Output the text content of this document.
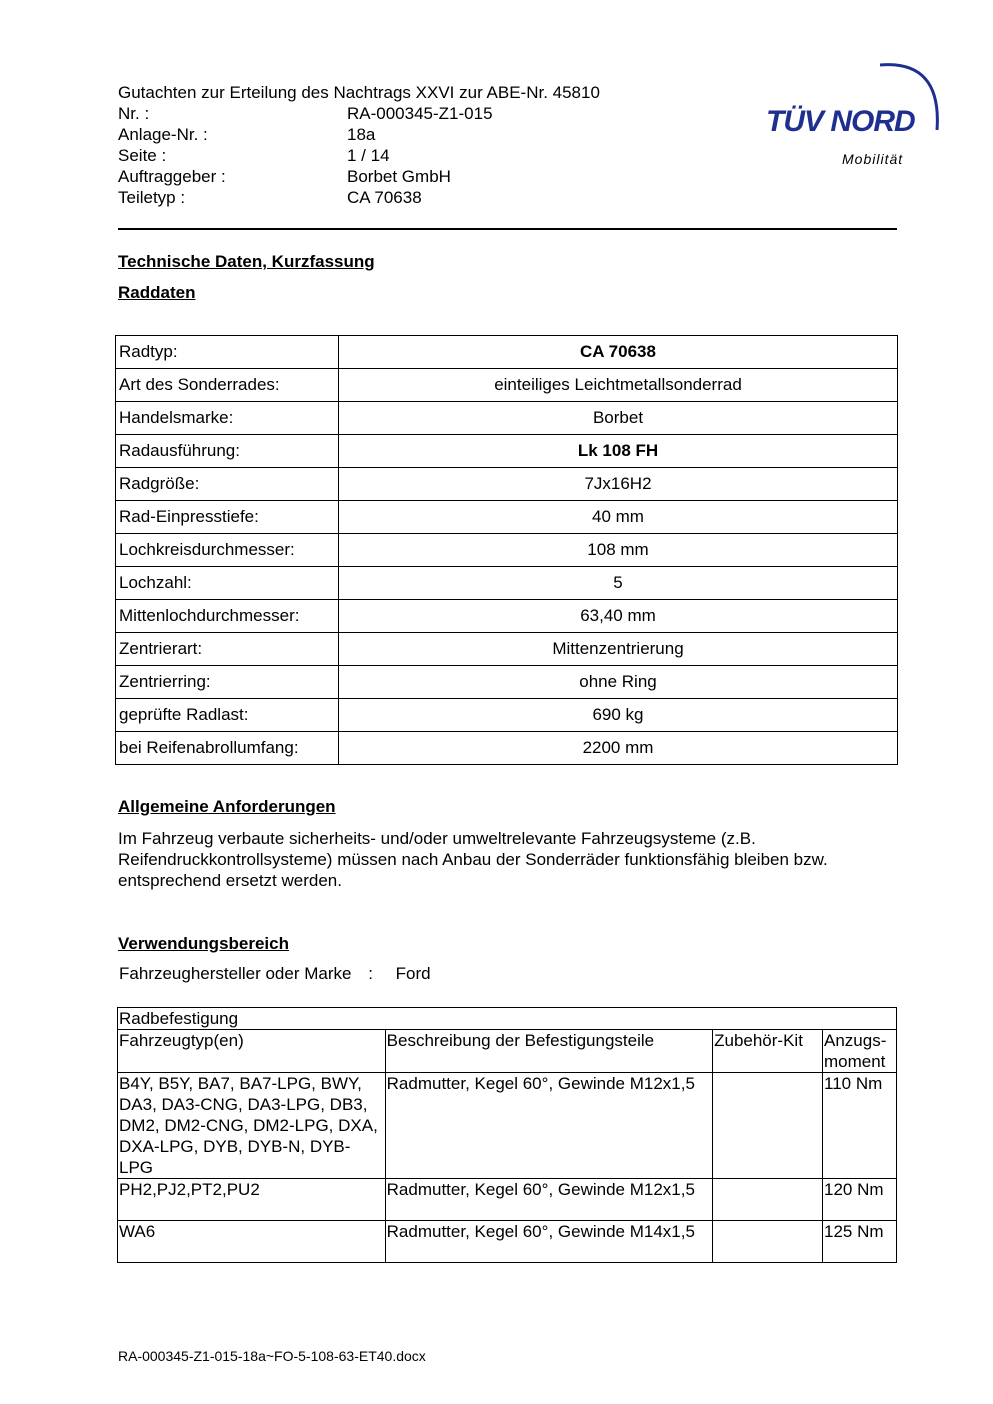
Gutachten zur Erteilung des Nachtrags XXVI zur ABE-Nr. 45810
Nr. :	RA-000345-Z1-015
Anlage-Nr. :	18a
Seite :	1 / 14
Auftraggeber :	Borbet GmbH
Teiletyp :	CA 70638
TÜV NORD
Mobilität
Technische Daten, Kurzfassung
Raddaten
Radtyp:	CA 70638
Art des Sonderrades:	einteiliges Leichtmetallsonderrad
Handelsmarke:	Borbet
Radausführung:	Lk 108 FH
Radgröße:	7Jx16H2
Rad-Einpresstiefe:	40 mm
Lochkreisdurchmesser:	108 mm
Lochzahl:	5
Mittenlochdurchmesser:	63,40 mm
Zentrierart:	Mittenzentrierung
Zentrierring:	ohne Ring
geprüfte Radlast:	690 kg
bei Reifenabrollumfang:	2200 mm
Allgemeine Anforderungen
Im Fahrzeug verbaute sicherheits- und/oder umweltrelevante Fahrzeugsysteme (z.B. Reifendruckkontrollsysteme) müssen nach Anbau der Sonderräder funktionsfähig bleiben bzw. entsprechend ersetzt werden.
Verwendungsbereich
Fahrzeughersteller oder Marke : Ford
Radbefestigung			
Fahrzeugtyp(en)	Beschreibung der Befestigungsteile	Zubehör-Kit	Anzugs-moment
B4Y, B5Y, BA7, BA7-LPG, BWY, DA3, DA3-CNG, DA3-LPG, DB3, DM2, DM2-CNG, DM2-LPG, DXA, DXA-LPG, DYB, DYB-N, DYB-LPG	Radmutter, Kegel 60°, Gewinde M12x1,5		110 Nm
PH2,PJ2,PT2,PU2	Radmutter, Kegel 60°, Gewinde M12x1,5		120 Nm
WA6	Radmutter, Kegel 60°, Gewinde M14x1,5		125 Nm
RA-000345-Z1-015-18a~FO-5-108-63-ET40.docx
